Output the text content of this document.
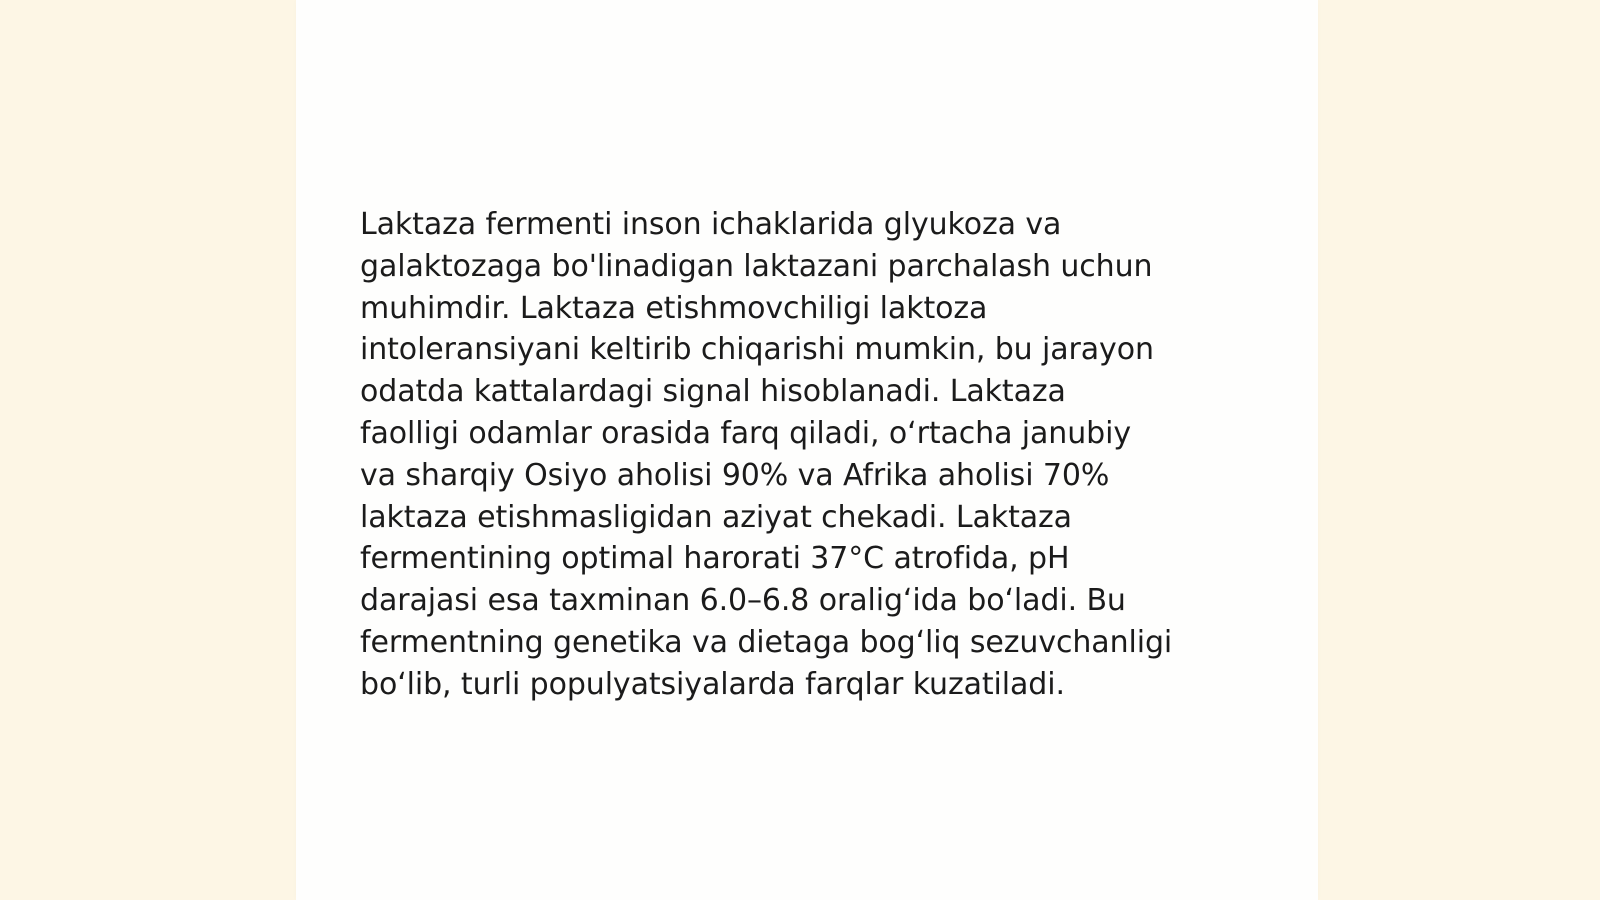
Laktaza fermenti inson ichaklarida glyukoza va
galaktozaga bo'linadigan laktazani parchalash uchun
muhimdir. Laktaza etishmovchiligi laktoza
intoleransiyani keltirib chiqarishi mumkin, bu jarayon
odatda kattalardagi signal hisoblanadi. Laktaza
faolligi odamlar orasida farq qiladi, oʻrtacha janubiy
va sharqiy Osiyo aholisi 90% va Afrika aholisi 70%
laktaza etishmasligidan aziyat chekadi. Laktaza
fermentining optimal harorati 37°C atrofida, pH
darajasi esa taxminan 6.0–6.8 oraligʻida boʻladi. Bu
fermentning genetika va dietaga bogʻliq sezuvchanligi
boʻlib, turli populyatsiyalarda farqlar kuzatiladi.
